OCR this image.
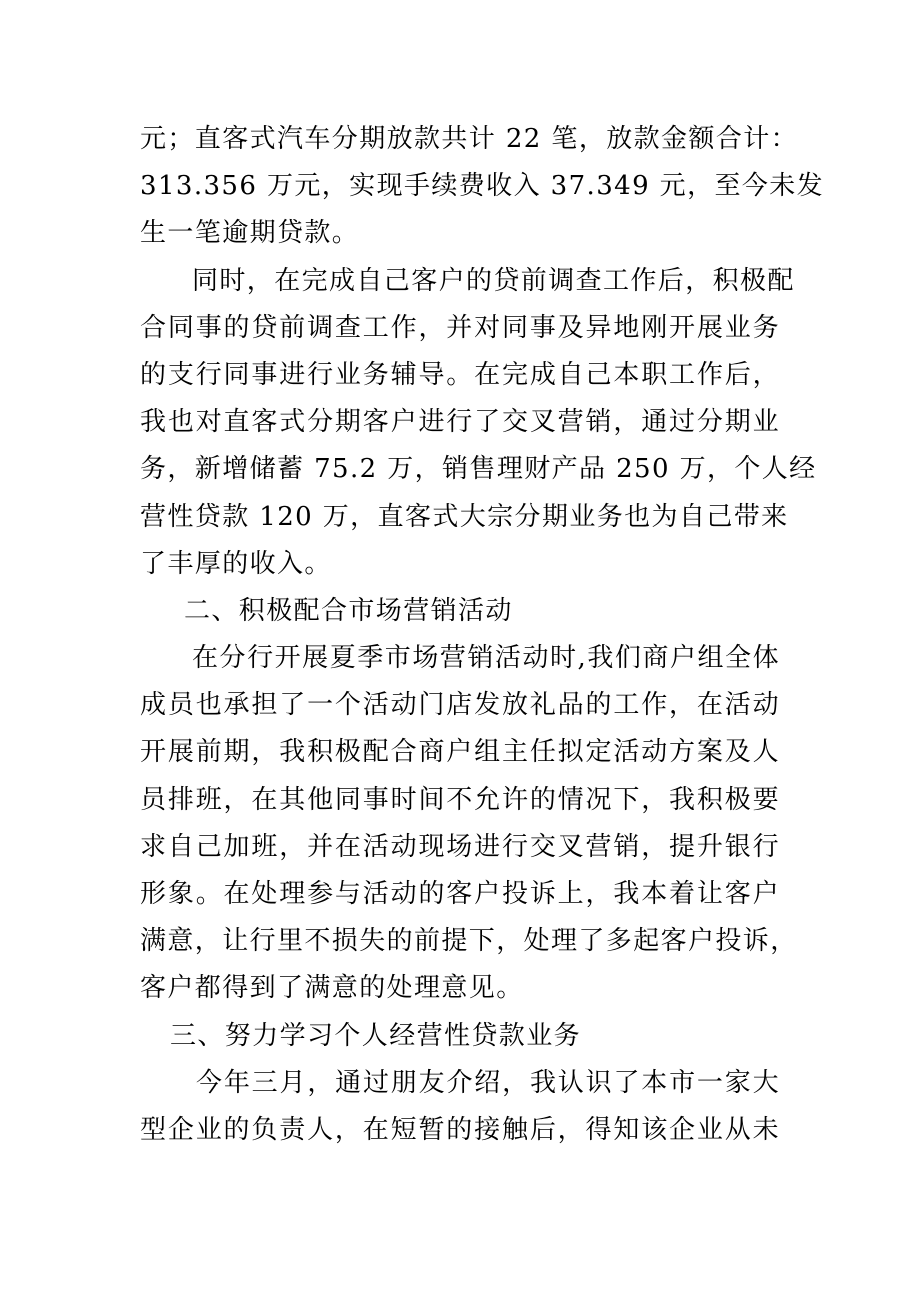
元；直客式汽车分期放款共计 22 笔，放款金额合计：
313.356 万元，实现手续费收入 37.349 元，至今未发
生一笔逾期贷款。
同时，在完成自己客户的贷前调查工作后，积极配
合同事的贷前调查工作，并对同事及异地刚开展业务
的支行同事进行业务辅导。在完成自己本职工作后，
我也对直客式分期客户进行了交叉营销，通过分期业
务，新增储蓄 75.2 万，销售理财产品 250 万，个人经
营性贷款 120 万，直客式大宗分期业务也为自己带来
了丰厚的收入。
二、积极配合市场营销活动
在分行开展夏季市场营销活动时,我们商户组全体
成员也承担了一个活动门店发放礼品的工作，在活动
开展前期，我积极配合商户组主任拟定活动方案及人
员排班，在其他同事时间不允许的情况下，我积极要
求自己加班，并在活动现场进行交叉营销，提升银行
形象。在处理参与活动的客户投诉上，我本着让客户
满意，让行里不损失的前提下，处理了多起客户投诉，
客户都得到了满意的处理意见。
三、努力学习个人经营性贷款业务
今年三月，通过朋友介绍，我认识了本市一家大
型企业的负责人，在短暂的接触后，得知该企业从未
